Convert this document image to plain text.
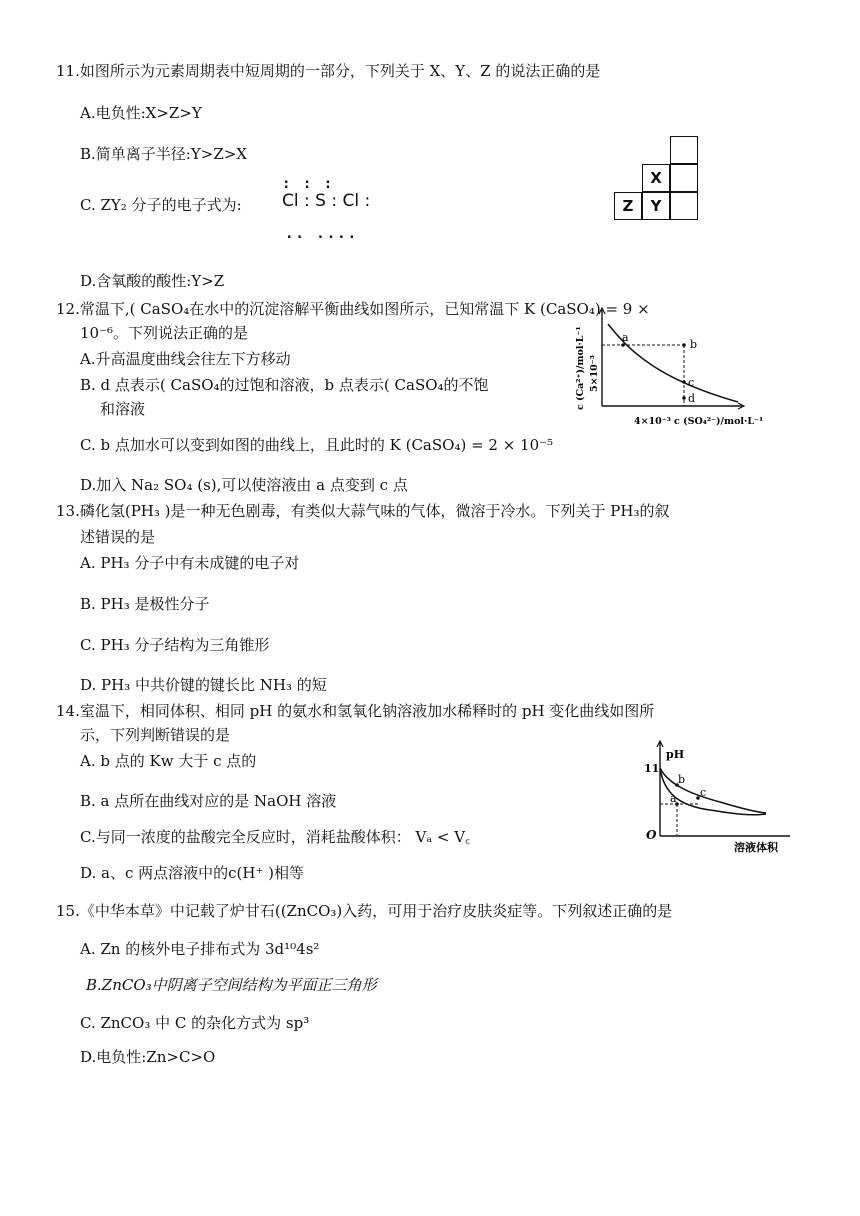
11.如图所示为元素周期表中短周期的一部分，下列关于 X、Y、Z 的说法正确的是
A.电负性:X>Z>Y
B.简单离子半径:Y>Z>X
C. ZY₂ 分子的电子式为:
: : :
Cl : S : Cl :
.. ....
D.含氧酸的酸性:Y>Z
X
Z	Y
12.常温下,( CaSO₄在水中的沉淀溶解平衡曲线如图所示，已知常温下 K (CaSO₄) = 9 ×
10⁻⁶。下列说法正确的是
A.升高温度曲线会往左下方移动
B. d 点表示( CaSO₄的过饱和溶液，b 点表示( CaSO₄的不饱
和溶液
C. b 点加水可以变到如图的曲线上，且此时的 K (CaSO₄) = 2 × 10⁻⁵
D.加入 Na₂ SO₄ (s),可以使溶液由 a 点变到 c 点
a
b
c
d
c (Ca²⁺)/mol·L⁻¹ 5×10⁻³
4×10⁻³ c (SO₄²⁻)/mol·L⁻¹
13.磷化氢(PH₃ )是一种无色剧毒，有类似大蒜气味的气体，微溶于冷水。下列关于 PH₃的叙
述错误的是
A. PH₃ 分子中有未成键的电子对
B. PH₃ 是极性分子
C. PH₃ 分子结构为三角锥形
D. PH₃ 中共价键的键长比 NH₃ 的短
14.室温下，相同体积、相同 pH 的氨水和氢氧化钠溶液加水稀释时的 pH 变化曲线如图所
示，下列判断错误的是
A. b 点的 Kw 大于 c 点的
B. a 点所在曲线对应的是 NaOH 溶液
C.与同一浓度的盐酸完全反应时，消耗盐酸体积： Vₐ < V꜀
D. a、c 两点溶液中的c(H⁺ )相等
11
pH
O
b
a c
溶液体积
15.《中华本草》中记载了炉甘石((ZnCO₃)入药，可用于治疗皮肤炎症等。下列叙述正确的是
A. Zn 的核外电子排布式为 3d¹⁰4s²
B.ZnCO₃中阴离子空间结构为平面正三角形
C. ZnCO₃ 中 C 的杂化方式为 sp³
D.电负性:Zn>C>O
